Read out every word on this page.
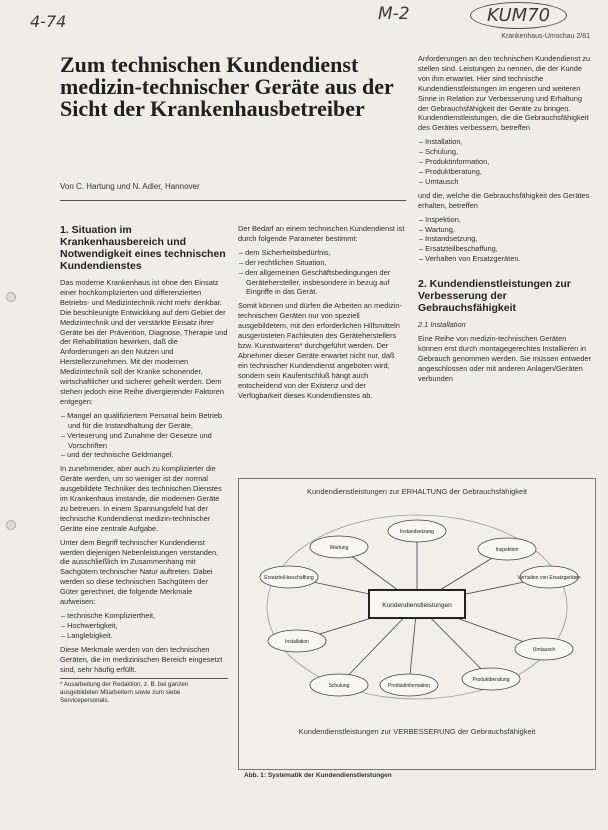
4-74	M-2	KUM70
Krankenhaus-Umschau 2/81
Zum technischen Kundendienst medizin-technischer Geräte aus der Sicht der Krankenhausbetreiber
Von C. Hartung und N. Adler, Hannover
1. Situation im Krankenhausbereich und Notwendigkeit eines technischen Kundendienstes

Das moderne Krankenhaus ist ohne den Einsatz einer hochkomplizierten und differenzierten Betriebs- und Medizintechnik nicht mehr denkbar. Die beschleunigte Entwicklung auf dem Gebiet der Medizintechnik und der verstärkte Einsatz ihrer Geräte bei der Prävention, Diagnose, Therapie und der Rehabilitation bewirken, daß die Anforderungen an den Nutzen und Herstellerzunehmen. Mit der modernen Medizintechnik soll der Kranke schonender, wirtschaftlicher und sicherer geheilt werden. Dem stehen jedoch eine Reihe divergierender Faktoren entgegen:

– Mangel an qualifiziertem Personal beim Betrieb und für die Instandhaltung der Geräte,
– Verteuerung und Zunahme der Gesetze und Vorschriften
– und der technische Geldmangel.

In zunehmender, aber auch zu komplizierter die Geräte werden, um so weniger ist der normal ausgebildete Techniker des technischen Dienstes im Krankenhaus imstande, die modernen Geräte zu betreuen. In einem Spannungsfeld hat der technische Kundendienst medizin-technischer Geräte eine zentrale Aufgabe.

Unter dem Begriff technischer Kundendienst werden diejenigen Nebenleistungen verstanden, die ausschließlich im Zusammenhang mit Sachgütern technischer Natur auftreten. Dabei werden so diese technischen Sachgütern der Güter gerechnet, die folgende Merkmale aufweisen:

– technische Kompliziertheit,
– Hochwertigkeit,
– Langlebigkeit.

Diese Merkmale werden von den technischen Geräten, die im medizinischen Bereich eingesetzt sind, sehr häufig erfüllt.

* Ausarbeitung der Redaktion, z. B. bei ganzen ausgebildeten Mitarbeitern sowie zum siebe Servicepersonals.

Der Bedarf an einem technischen Kundendienst ist durch folgende Parameter bestimmt:

– dem Sicherheitsbedürfnis,
– der rechtlichen Situation,
– den allgemeinen Geschäftsbedingungen der Gerätehersteller, insbesondere in bezug auf Eingriffe in das Gerät.

Somit können und dürfen die Arbeiten an medizin-technischen Geräten nur von speziell ausgebildetem, mit den erforderlichen Hilfsmitteln ausgerüsteten Fachleuten des Geräteherstellers bzw. Kunstwartens* durchgeführt werden. Der Abnehmer dieser Geräte erwartet nicht nur, daß ein technischer Kundendienst angeboten wird, sondern sein Kaufentschluß hängt auch entscheidend von der Existenz und der Verfügbarkeit dieses Kundendienstes ab.

Anforderungen an den technischen Kundendienst zu stellen sind. Leistungen zu nennen, die der Kunde von ihm erwartet. Hier sind technische Kundendienstleistungen im engeren und weiteren Sinne in Relation zur Verbesserung und Erhaltung der Gebrauchsfähigkeit der Geräte zu bringen. Kundendienstleistungen, die die Gebrauchsfähigkeit des Gerätes verbessern, betreffen

– Installation,
– Schulung,
– Produktinformation,
– Produktberatung,
– Umtausch

und die, welche die Gebrauchsfähigkeit des Gerätes erhalten, betreffen

– Inspektion,
– Wartung,
– Instandsetzung,
– Ersatzteilbeschaffung,
– Verhalten von Ersatzgeräten.
2. Kundendienstleistungen zur Verbesserung der Gebrauchsfähigkeit

2.1 Installation

Eine Reihe von medizin-technischen Geräten können erst durch montagegerechtes Installieren in Gebrauch genommen werden. Sie müssen entweder angeschlossen oder mit anderen Anlagen/Geräten verbunden

Kundendienstleistungen zur ERHALTUNG der Gebrauchsfähigkeit
Kundendienstleistungen
Instandsetzung
Wartung	Inspektion
Ersatzteil-beschaffung	Verhalten von Ersatzgeräten
Umtausch
Produktberatung
Produktinformation
Schulung
Installation
Kundendienstleistungen zur VERBESSERUNG der Gebrauchsfähigkeit
Abb. 1: Systematik der Kundendienstleistungen
